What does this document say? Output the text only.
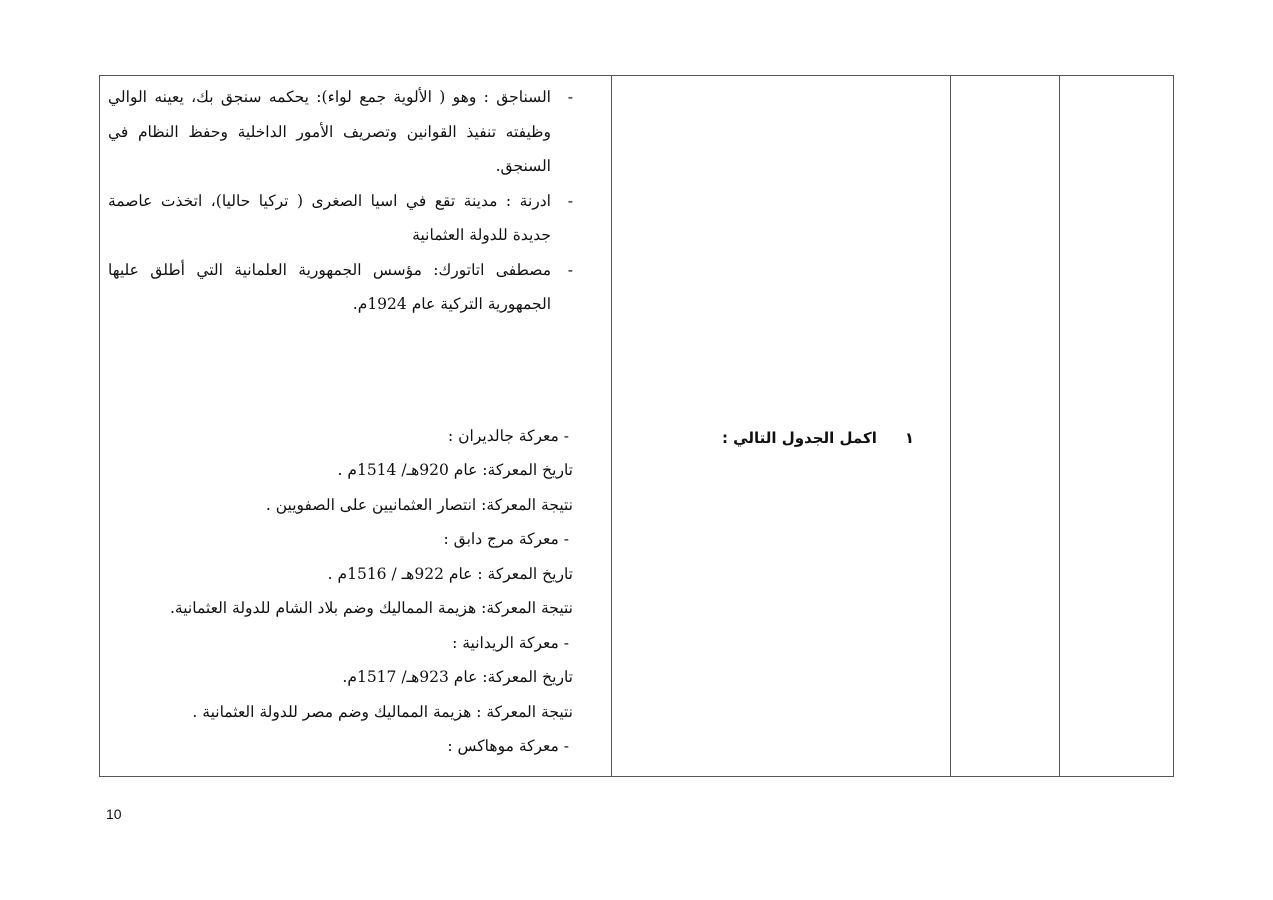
-
السناجق : وهو ( الألوية جمع لواء): يحكمه سنجق بك، يعينه الوالي وظيفته تنفيذ القوانين وتصريف الأمور الداخلية وحفظ النظام في السنجق.
-
ادرنة : مدينة تقع في اسيا الصغرى ( تركيا حاليا)، اتخذت عاصمة جديدة للدولة العثمانية
-
مصطفى اتاتورك: مؤسس الجمهورية العلمانية التي أطلق عليها الجمهورية التركية عام 1924م.
- معركة جالديران :
تاريخ المعركة: عام 920هـ/ 1514م .
نتيجة المعركة: انتصار العثمانيين على الصفويين .
- معركة مرج دابق :
تاريخ المعركة : عام 922هـ / 1516م .
نتيجة المعركة: هزيمة المماليك وضم بلاد الشام للدولة العثمانية.
- معركة الريدانية :
تاريخ المعركة: عام 923هـ/ 1517م.
نتيجة المعركة : هزيمة المماليك وضم مصر للدولة العثمانية .
- معركة موهاكس :
١اكمل الجدول التالي :
10
